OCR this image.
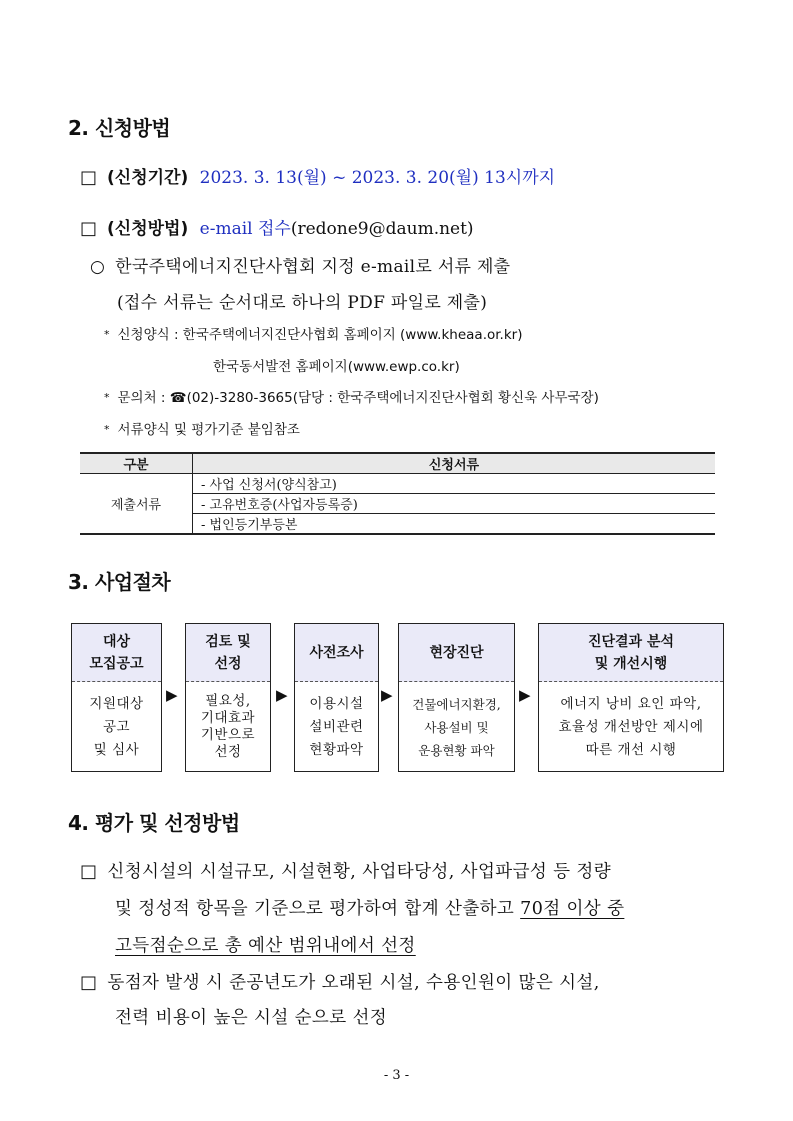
2. 신청방법
□ (신청기간) 2023. 3. 13(월) ~ 2023. 3. 20(월) 13시까지
□ (신청방법) e-mail 접수(redone9@daum.net)
○ 한국주택에너지진단사협회 지정 e-mail로 서류 제출
(접수 서류는 순서대로 하나의 PDF 파일로 제출)
* 신청양식 : 한국주택에너지진단사협회 홈페이지 (www.kheaa.or.kr)
한국동서발전 홈페이지(www.ewp.co.kr)
* 문의처 : ☎(02)-3280-3665(담당 : 한국주택에너지진단사협회 황신욱 사무국장)
* 서류양식 및 평가기준 붙임참조
구분	신청서류
제출서류	- 사업 신청서(양식참고)
	- 고유번호증(사업자등록증)
	- 법인등기부등본
3. 사업절차
대상
모집공고
지원대상
공고
및 심사
▶
검토 및
선정
필요성,
기대효과
기반으로
선정
▶
사전조사
이용시설
설비관련
현황파악
▶
현장진단
건물에너지환경,
사용설비 및
운용현황 파악
▶
진단결과 분석
및 개선시행
에너지 낭비 요인 파악,
효율성 개선방안 제시에
따른 개선 시행
4. 평가 및 선정방법
□ 신청시설의 시설규모, 시설현황, 사업타당성, 사업파급성 등 정량
및 정성적 항목을 기준으로 평가하여 합계 산출하고 70점 이상 중
고득점순으로 총 예산 범위내에서 선정
□ 동점자 발생 시 준공년도가 오래된 시설, 수용인원이 많은 시설,
전력 비용이 높은 시설 순으로 선정
- 3 -
